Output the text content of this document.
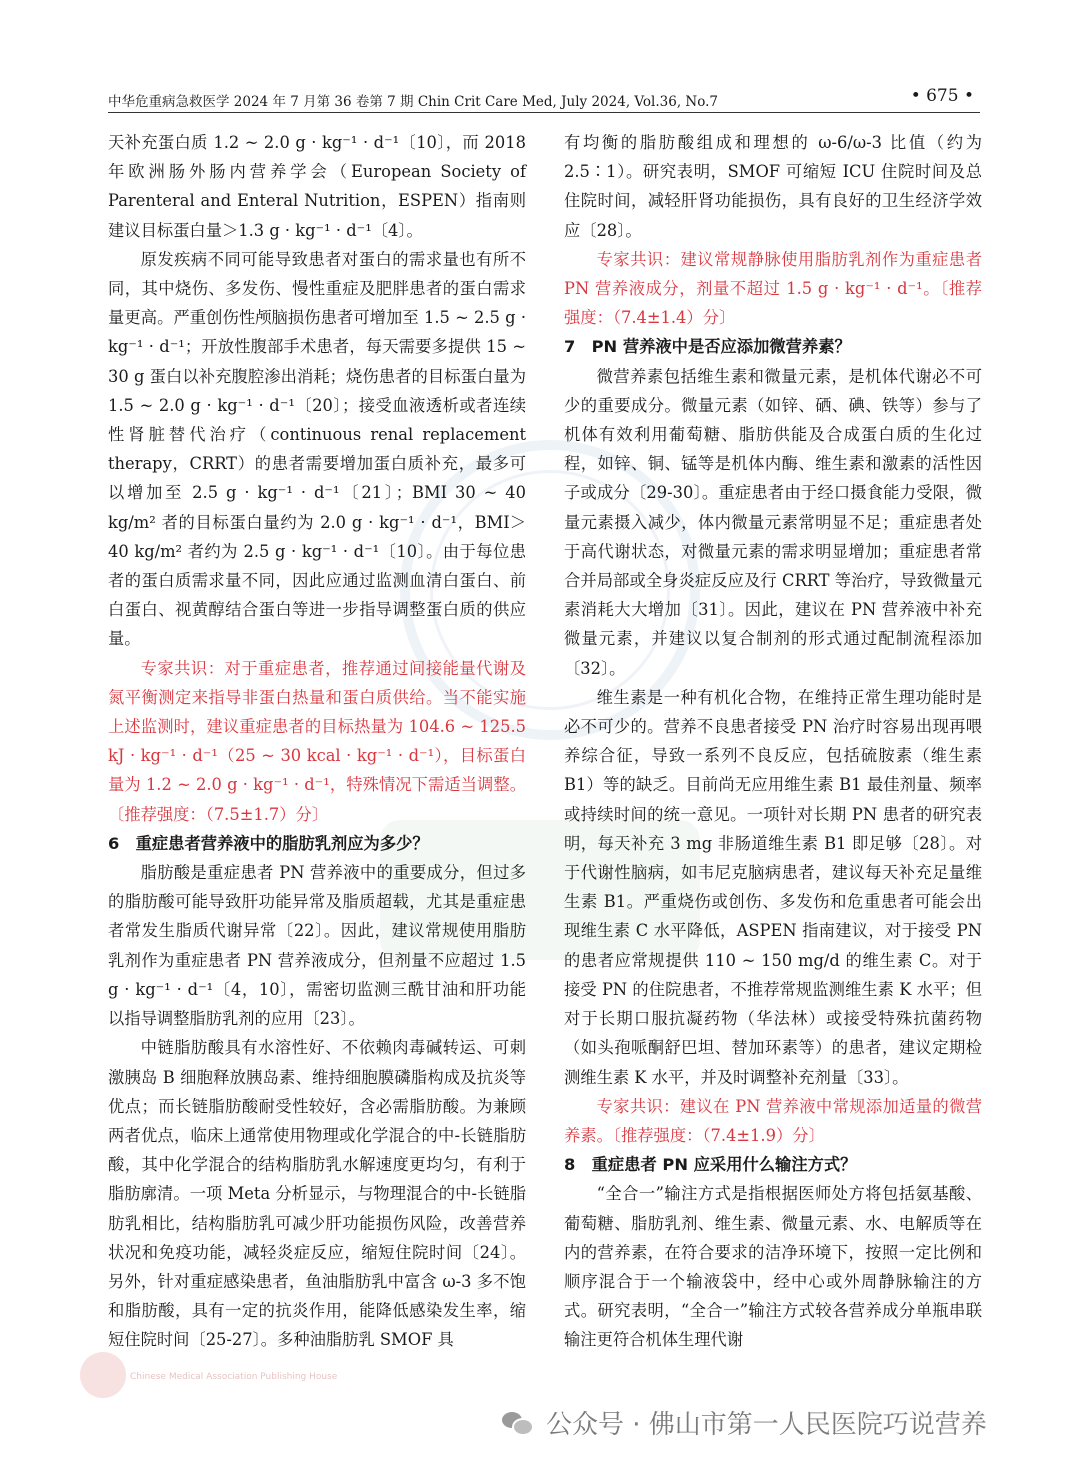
中华危重病急救医学 2024 年 7 月第 36 卷第 7 期 Chin Crit Care Med, July 2024, Vol.36, No.7	• 675 •

天补充蛋白质 1.2 ~ 2.0 g · kg⁻¹ · d⁻¹〔10〕，而 2018 年欧洲肠外肠内营养学会（European Society of Parenteral and Enteral Nutrition，ESPEN）指南则建议目标蛋白量＞1.3 g · kg⁻¹ · d⁻¹〔4〕。

原发疾病不同可能导致患者对蛋白的需求量也有所不同，其中烧伤、多发伤、慢性重症及肥胖患者的蛋白需求量更高。严重创伤性颅脑损伤患者可增加至 1.5 ~ 2.5 g · kg⁻¹ · d⁻¹；开放性腹部手术患者，每天需要多提供 15 ~ 30 g 蛋白以补充腹腔渗出消耗；烧伤患者的目标蛋白量为 1.5 ~ 2.0 g · kg⁻¹ · d⁻¹〔20〕；接受血液透析或者连续性肾脏替代治疗（continuous renal replacement therapy，CRRT）的患者需要增加蛋白质补充，最多可以增加至 2.5 g · kg⁻¹ · d⁻¹〔21〕；BMI 30 ~ 40 kg/m² 者的目标蛋白量约为 2.0 g · kg⁻¹ · d⁻¹，BMI＞40 kg/m² 者约为 2.5 g · kg⁻¹ · d⁻¹〔10〕。由于每位患者的蛋白质需求量不同，因此应通过监测血清白蛋白、前白蛋白、视黄醇结合蛋白等进一步指导调整蛋白质的供应量。

专家共识：对于重症患者，推荐通过间接能量代谢及氮平衡测定来指导非蛋白热量和蛋白质供给。当不能实施上述监测时，建议重症患者的目标热量为 104.6 ~ 125.5 kJ · kg⁻¹ · d⁻¹（25 ~ 30 kcal · kg⁻¹ · d⁻¹），目标蛋白量为 1.2 ~ 2.0 g · kg⁻¹ · d⁻¹，特殊情况下需适当调整。〔推荐强度：（7.5±1.7）分〕

6　重症患者营养液中的脂肪乳剂应为多少？

脂肪酸是重症患者 PN 营养液中的重要成分，但过多的脂肪酸可能导致肝功能异常及脂质超载，尤其是重症患者常发生脂质代谢异常〔22〕。因此，建议常规使用脂肪乳剂作为重症患者 PN 营养液成分，但剂量不应超过 1.5 g · kg⁻¹ · d⁻¹〔4，10〕，需密切监测三酰甘油和肝功能以指导调整脂肪乳剂的应用〔23〕。

中链脂肪酸具有水溶性好、不依赖肉毒碱转运、可刺激胰岛 B 细胞释放胰岛素、维持细胞膜磷脂构成及抗炎等优点；而长链脂肪酸耐受性较好，含必需脂肪酸。为兼顾两者优点，临床上通常使用物理或化学混合的中-长链脂肪酸，其中化学混合的结构脂肪乳水解速度更均匀，有利于脂肪廓清。一项 Meta 分析显示，与物理混合的中-长链脂肪乳相比，结构脂肪乳可减少肝功能损伤风险，改善营养状况和免疫功能，减轻炎症反应，缩短住院时间〔24〕。另外，针对重症感染患者，鱼油脂肪乳中富含 ω-3 多不饱和脂肪酸，具有一定的抗炎作用，能降低感染发生率，缩短住院时间〔25-27〕。多种油脂肪乳 SMOF 具

有均衡的脂肪酸组成和理想的 ω-6/ω-3 比值（约为 2.5∶1）。研究表明，SMOF 可缩短 ICU 住院时间及总住院时间，减轻肝肾功能损伤，具有良好的卫生经济学效应〔28〕。

专家共识：建议常规静脉使用脂肪乳剂作为重症患者 PN 营养液成分，剂量不超过 1.5 g · kg⁻¹ · d⁻¹。〔推荐强度：（7.4±1.4）分〕

7　PN 营养液中是否应添加微营养素？

微营养素包括维生素和微量元素，是机体代谢必不可少的重要成分。微量元素（如锌、硒、碘、铁等）参与了机体有效利用葡萄糖、脂肪供能及合成蛋白质的生化过程，如锌、铜、锰等是机体内酶、维生素和激素的活性因子或成分〔29-30〕。重症患者由于经口摄食能力受限，微量元素摄入减少，体内微量元素常明显不足；重症患者处于高代谢状态，对微量元素的需求明显增加；重症患者常合并局部或全身炎症反应及行 CRRT 等治疗，导致微量元素消耗大大增加〔31〕。因此，建议在 PN 营养液中补充微量元素，并建议以复合制剂的形式通过配制流程添加〔32〕。

维生素是一种有机化合物，在维持正常生理功能时是必不可少的。营养不良患者接受 PN 治疗时容易出现再喂养综合征，导致一系列不良反应，包括硫胺素（维生素 B1）等的缺乏。目前尚无应用维生素 B1 最佳剂量、频率或持续时间的统一意见。一项针对长期 PN 患者的研究表明，每天补充 3 mg 非肠道维生素 B1 即足够〔28〕。对于代谢性脑病，如韦尼克脑病患者，建议每天补充足量维生素 B1。严重烧伤或创伤、多发伤和危重患者可能会出现维生素 C 水平降低，ASPEN 指南建议，对于接受 PN 的患者应常规提供 110 ~ 150 mg/d 的维生素 C。对于接受 PN 的住院患者，不推荐常规监测维生素 K 水平；但对于长期口服抗凝药物（华法林）或接受特殊抗菌药物（如头孢哌酮舒巴坦、替加环素等）的患者，建议定期检测维生素 K 水平，并及时调整补充剂量〔33〕。

专家共识：建议在 PN 营养液中常规添加适量的微营养素。〔推荐强度：（7.4±1.9）分〕

8　重症患者 PN 应采用什么输注方式？

“全合一”输注方式是指根据医师处方将包括氨基酸、葡萄糖、脂肪乳剂、维生素、微量元素、水、电解质等在内的营养素，在符合要求的洁净环境下，按照一定比例和顺序混合于一个输液袋中，经中心或外周静脉输注的方式。研究表明，“全合一”输注方式较各营养成分单瓶串联输注更符合机体生理代谢

Chinese Medical Association Publishing House
公众号 · 佛山市第一人民医院巧说营养
